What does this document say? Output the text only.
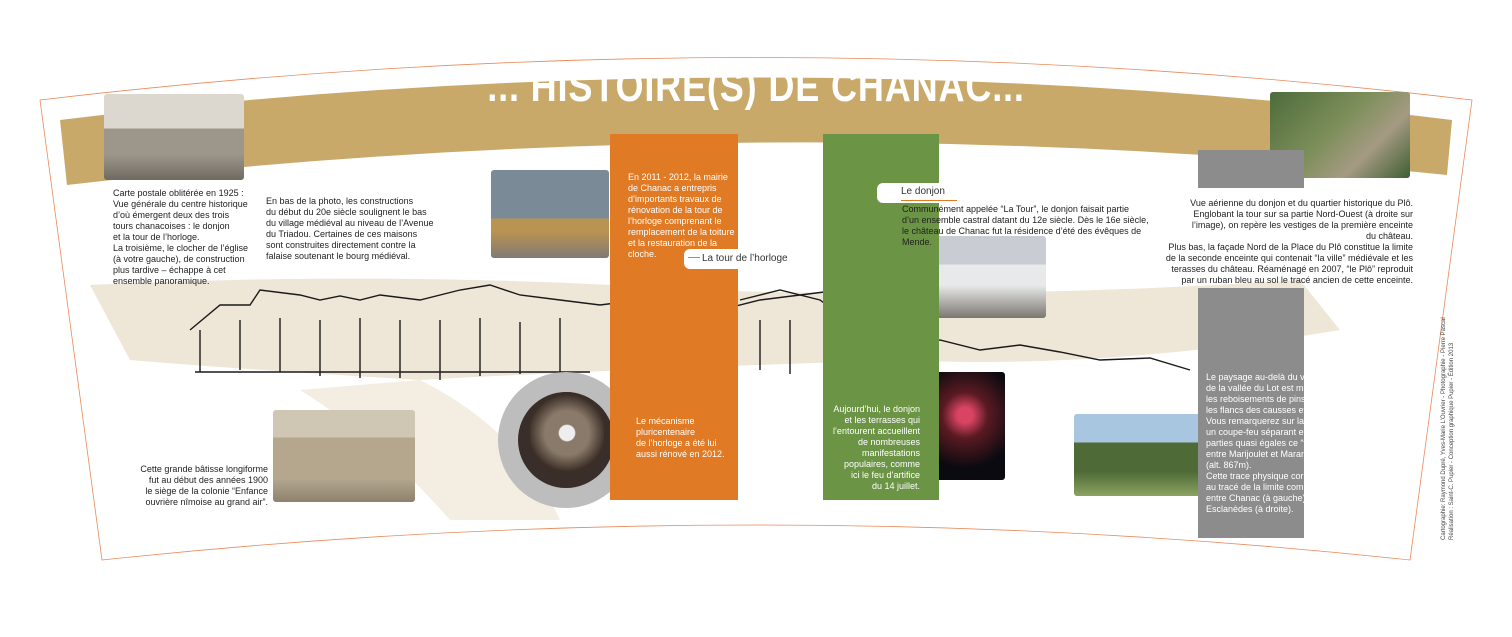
... HISTOIRE(S) DE CHANAC...
Carte postale oblitérée en 1925 :
Vue générale du centre historique
d’où émergent deux des trois
tours chanacoises : le donjon
et la tour de l’horloge.
La troisième, le clocher de l’église
(à votre gauche), de construction
plus tardive – échappe à cet
ensemble panoramique.
En bas de la photo, les constructions
du début du 20e siècle soulignent le bas
du village médiéval au niveau de l’Avenue
du Triadou. Certaines de ces maisons
sont construites directement contre la
falaise soutenant le bourg médiéval.
Cette grande bâtisse longiforme
fut au début des années 1900
le siège de la colonie “Enfance
ouvrière nîmoise au grand air”.
En 2011 - 2012, la mairie
de Chanac a entrepris
d’importants travaux de
rénovation de la tour de
l’horloge comprenant le
remplacement de la toiture
et la restauration de la cloche.	La tour de l’horloge
Le mécanisme
pluricentenaire
de l’horloge a été lui
aussi rénové en 2012.
Le donjon
Communément appelée “La Tour”, le donjon faisait partie
d’un ensemble castral datant du 12e siècle. Dès le 16e siècle,
le château de Chanac fut la résidence d’été des évêques de Mende.
Aujourd’hui, le donjon
et les terrasses qui
l’entourent accueillent
de nombreuses
manifestations
populaires, comme
ici le feu d’artifice
du 14 juillet.
Vue aérienne du donjon et du quartier historique du Plô.
Englobant la tour sur sa partie Nord-Ouest (à droite sur
l’image), on repère les vestiges de la première enceinte
du château.
Plus bas, la façade Nord de la Place du Plô constitue la limite
de la seconde enceinte qui contenait “la ville” médiévale et les
terasses du château. Réaménagé en 2007, “le Plô” reproduit
par un ruban bleu au sol le tracé ancien de cette enceinte.
Le paysage au-delà du village et
de la vallée du Lot est marqué par
les reboisements de pins noirs sur
les flancs des causses et plateaux.
Vous remarquerez sur la photo
un coupe-feu séparant en deux
parties quasi égales ce “truc”
entre Marijoulet et Marance
(alt. 867m).
Cette trace physique correspond
au tracé de la limite communale
entre Chanac (à gauche) et
Esclanèdes (à droite).	Cartographie: Raymond Dupré, Yves-Marie L’Ouvrier - Photographie - Pierre Pascal Réalisation : Saint-C. Pupier - Conception graphique Pupier - Édition 2013
